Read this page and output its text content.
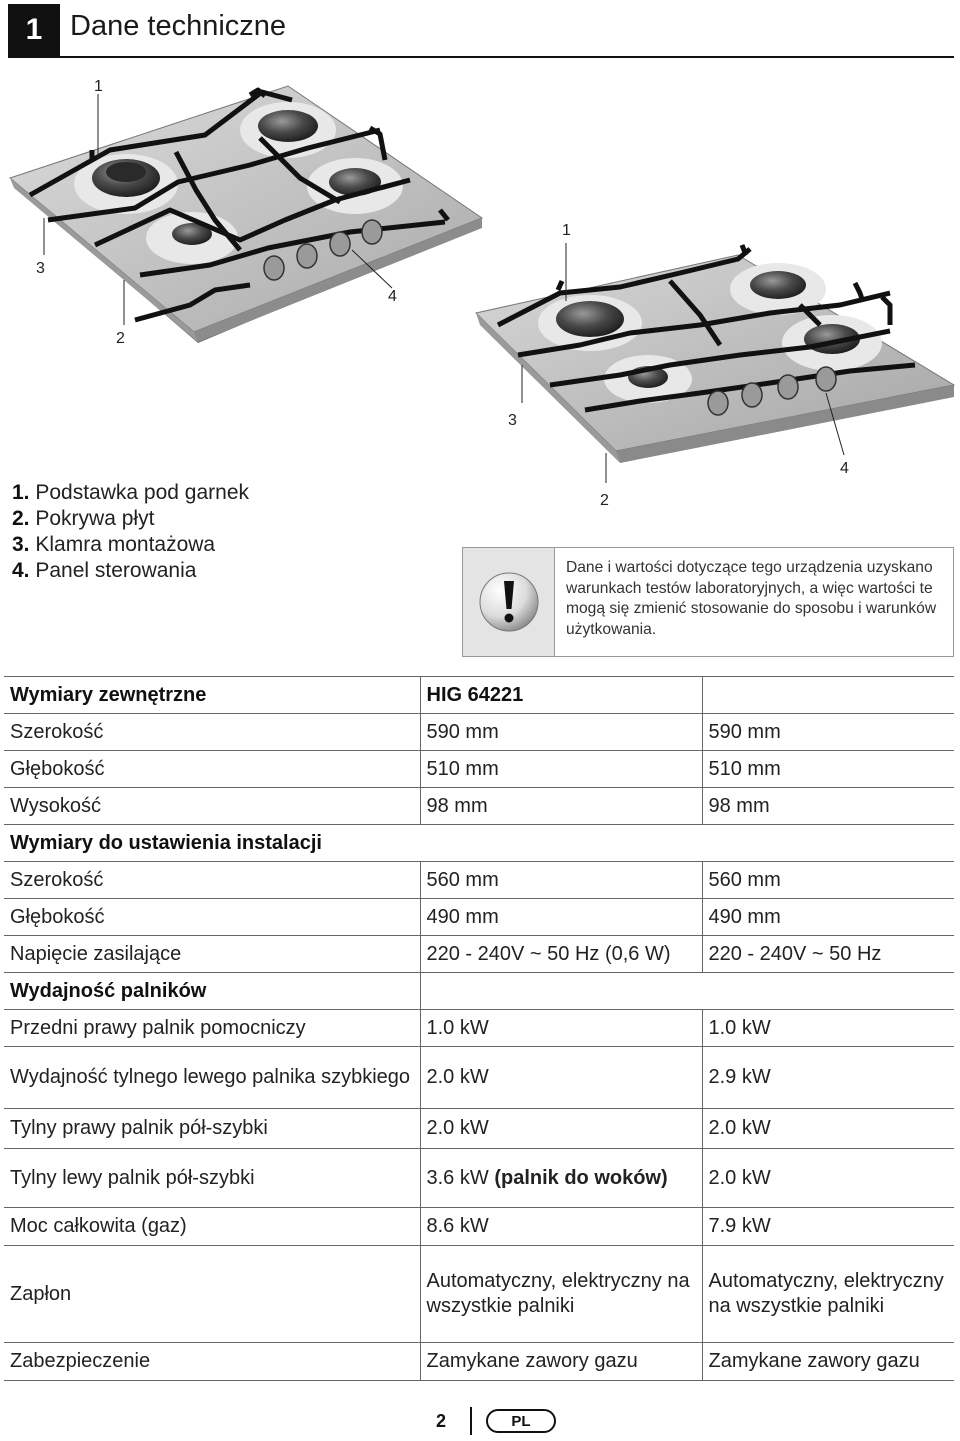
1 Dane techniczne
1
3
4
2
1
3
4
2
1. Podstawka pod garnek
2. Pokrywa płyt
3. Klamra montażowa
4. Panel sterowania	Dane i wartości dotyczące tego urządzenia uzyskano warunkach testów laboratoryjnych, a więc wartości te mogą się zmienić stosowanie do sposobu i warunków użytkowania.
Wymiary zewnętrzne	HIG 64221	
Szerokość	590 mm	590 mm
Głębokość	510 mm	510 mm
Wysokość	98 mm	98 mm
Wymiary do ustawienia instalacji		
Szerokość	560 mm	560 mm
Głębokość	490 mm	490 mm
Napięcie zasilające	220 - 240V ~ 50 Hz (0,6 W)	220 - 240V ~ 50 Hz
Wydajność palników		
Przedni prawy palnik pomocniczy	1.0 kW	1.0 kW
Wydajność tylnego lewego palnika szybkiego	2.0 kW	2.9 kW
Tylny prawy palnik pół-szybki	2.0 kW	2.0 kW
Tylny lewy palnik pół-szybki	3.6 kW (palnik do woków)	2.0 kW
Moc całkowita (gaz)	8.6 kW	7.9 kW
Zapłon	Automatyczny, elektryczny na wszystkie palniki	Automatyczny, elektryczny na wszystkie palniki
Zabezpieczenie	Zamykane zawory gazu	Zamykane zawory gazu
2	PL
